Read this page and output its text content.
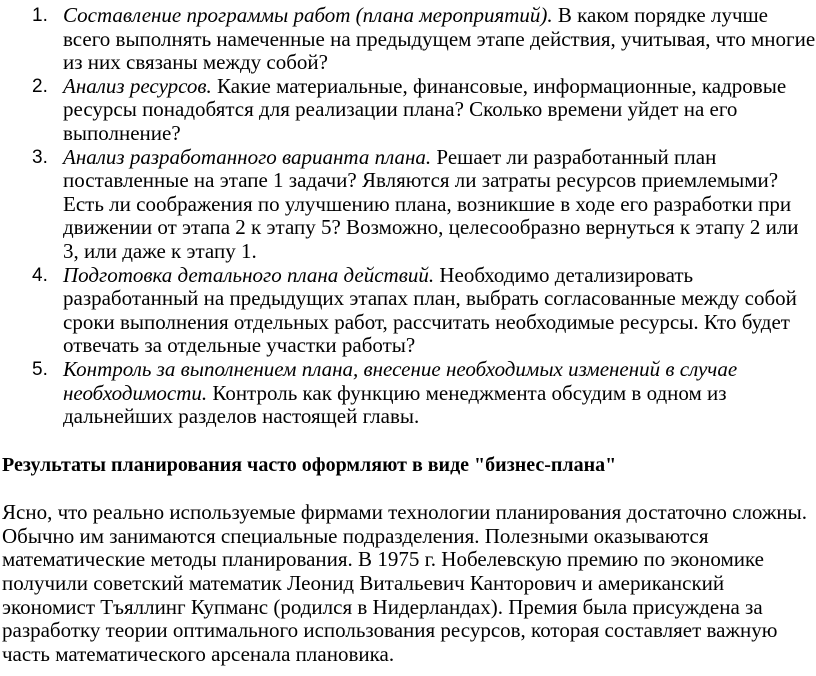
1. Составление программы работ (плана мероприятий). В каком порядке лучше всего выполнять намеченные на предыдущем этапе действия, учитывая, что многие из них связаны между собой?
2. Анализ ресурсов. Какие материальные, финансовые, информационные, кадровые ресурсы понадобятся для реализации плана? Сколько времени уйдет на его выполнение?
3. Анализ разработанного варианта плана. Решает ли разработанный план поставленные на этапе 1 задачи? Являются ли затраты ресурсов приемлемыми? Есть ли соображения по улучшению плана, возникшие в ходе его разработки при движении от этапа 2 к этапу 5? Возможно, целесообразно вернуться к этапу 2 или 3, или даже к этапу 1.
4. Подготовка детального плана действий. Необходимо детализировать разработанный на предыдущих этапах план, выбрать согласованные между собой сроки выполнения отдельных работ, рассчитать необходимые ресурсы. Кто будет отвечать за отдельные участки работы?
5. Контроль за выполнением плана, внесение необходимых изменений в случае необходимости. Контроль как функцию менеджмента обсудим в одном из дальнейших разделов настоящей главы.
Результаты планирования часто оформляют в виде "бизнес-плана"

Ясно, что реально используемые фирмами технологии планирования достаточно сложны. Обычно им занимаются специальные подразделения. Полезными оказываются математические методы планирования. В 1975 г. Нобелевскую премию по экономике получили советский математик Леонид Витальевич Канторович и американский экономист Тъяллинг Купманс (родился в Нидерландах). Премия была присуждена за разработку теории оптимального использования ресурсов, которая составляет важную часть математического арсенала плановика.
